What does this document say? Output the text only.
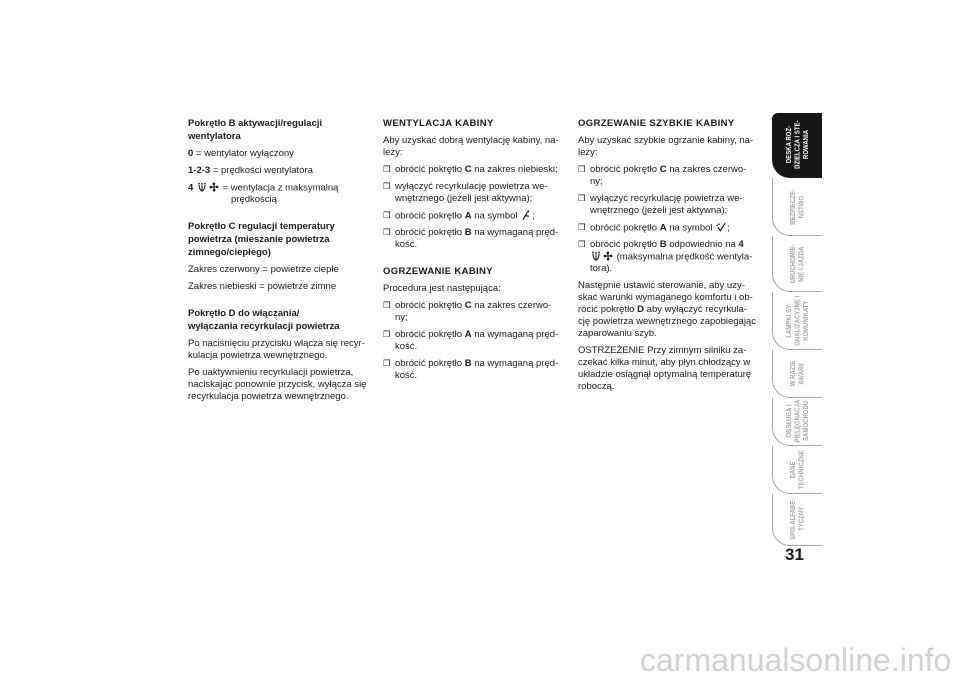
Pokrętło B aktywacji/regulacji
wentylatora
0 = wentylator wyłączony
1-2-3 = prędkości wentylatora
4	= wentylacja z maksymalną
prędkością
Pokrętło C regulacji temperatury
powietrza (mieszanie powietrza
zimnego/ciepłego)
Zakres czerwony = powietrze ciepłe
Zakres niebieski = powietrze zimne
Pokrętło D do włączania/
wyłączania recyrkulacji powietrza
Po naciśnięciu przycisku włącza się recyr-
kulacja powietrza wewnętrznego.
Po uaktywnieniu recyrkulacji powietrza,
naciskając ponownie przycisk, wyłącza się
recyrkulacja powietrza wewnętrznego.
WENTYLACJA KABINY
Aby uzyskać dobrą wentylację kabiny, na-
leży:
❒ obrócić pokrętło C na zakres niebieski;
❒ wyłączyć recyrkulację powietrza we-
wnętrznego (jeżeli jest aktywna);
❒ obrócić pokrętło A na symbol ;
❒ obrócić pokrętło B na wymaganą pręd-
kość.
OGRZEWANIE KABINY
Procedura jest następująca:
❒ obrócić pokrętło C na zakres czerwo-
ny;
❒ obrócić pokrętło A na wymaganą pręd-
kość.
❒ obrócić pokrętło B na wymaganą pręd-
kość.
OGRZEWANIE SZYBKIE KABINY
Aby uzyskać szybkie ogrzanie kabiny, na-
leży:
❒ obrócić pokrętło C na zakres czerwo-
ny;
❒ wyłączyć recyrkulację powietrza we-
wnętrznego (jeżeli jest aktywna);
❒ obrócić pokrętło A na symbol ;
❒ obrócić pokrętło B odpowiednio na 4
(maksymalna prędkość wentyla-
tora).
Następnie ustawić sterowanie, aby uzy-
skać warunki wymaganego komfortu i ob-
rócić pokrętło D aby wyłączyć recyrkula-
cję powietrza wewnętrznego zapobiegając
zaparowaniu szyb.
OSTRZEŻENIE Przy zimnym silniku za-
czekać kilka minut, aby płyn chłodzący w
układzie osiągnął optymalną temperaturę
roboczą.
DESKA ROZ-
DZIELCZA I STE-
ROWANIA
BEZPIECZE-
ŃSTWO
URUCHOMIE-
NIE I JAZDA
LAMPKI SY-
GNALIZACYJNE I
KOMUNIKATY
W RAZIE
AWARII
OBSŁUGA I
PIELĘGNACJA
SAMOCHODU
DANE
TECHNICZNE
SPIS ALFABE-
TYCZNY
31
carmanualsonline.info
